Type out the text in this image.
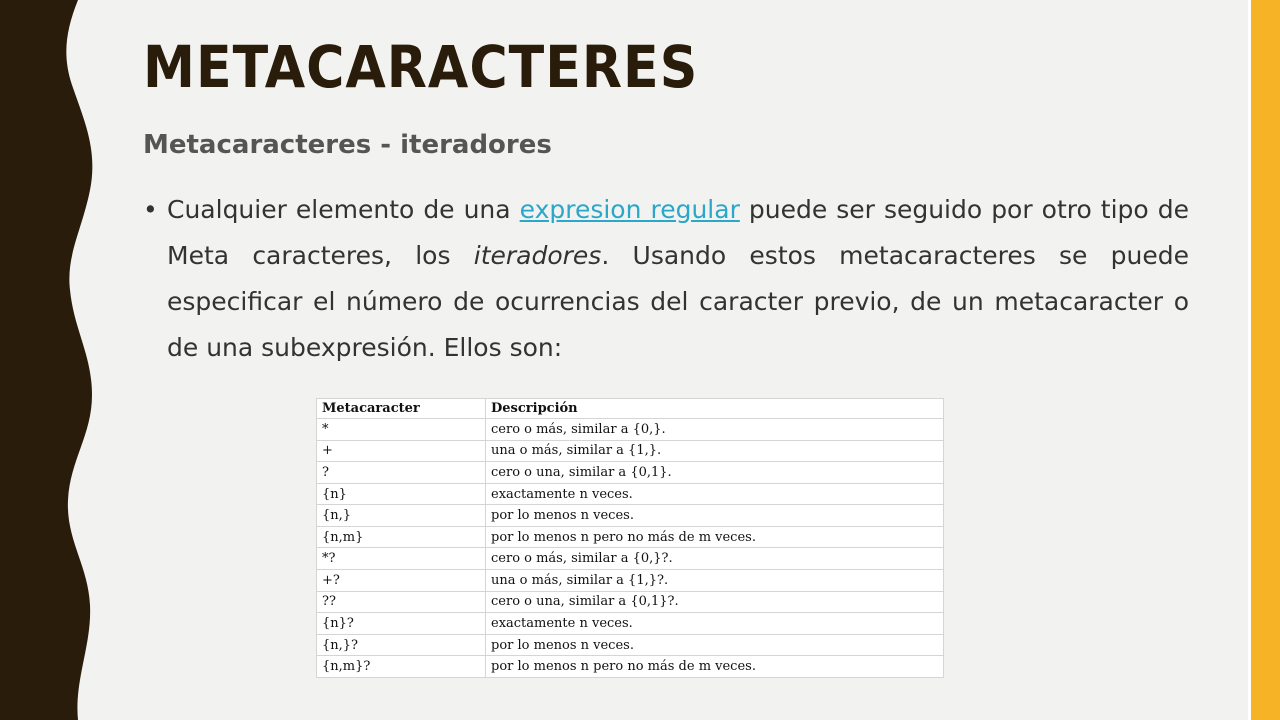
METACARACTERES
Metacaracteres - iteradores
• Cualquier elemento de una expresion regular puede ser seguido por otro tipo de Meta caracteres, los iteradores. Usando estos metacaracteres se puede especificar el número de ocurrencias del caracter previo, de un metacaracter o de una subexpresión. Ellos son:

Metacaracter	Descripción
*	cero o más, similar a {0,}.
+	una o más, similar a {1,}.
?	cero o una, similar a {0,1}.
{n}	exactamente n veces.
{n,}	por lo menos n veces.
{n,m}	por lo menos n pero no más de m veces.
*?	cero o más, similar a {0,}?.
+?	una o más, similar a {1,}?.
??	cero o una, similar a {0,1}?.
{n}?	exactamente n veces.
{n,}?	por lo menos n veces.
{n,m}?	por lo menos n pero no más de m veces.
